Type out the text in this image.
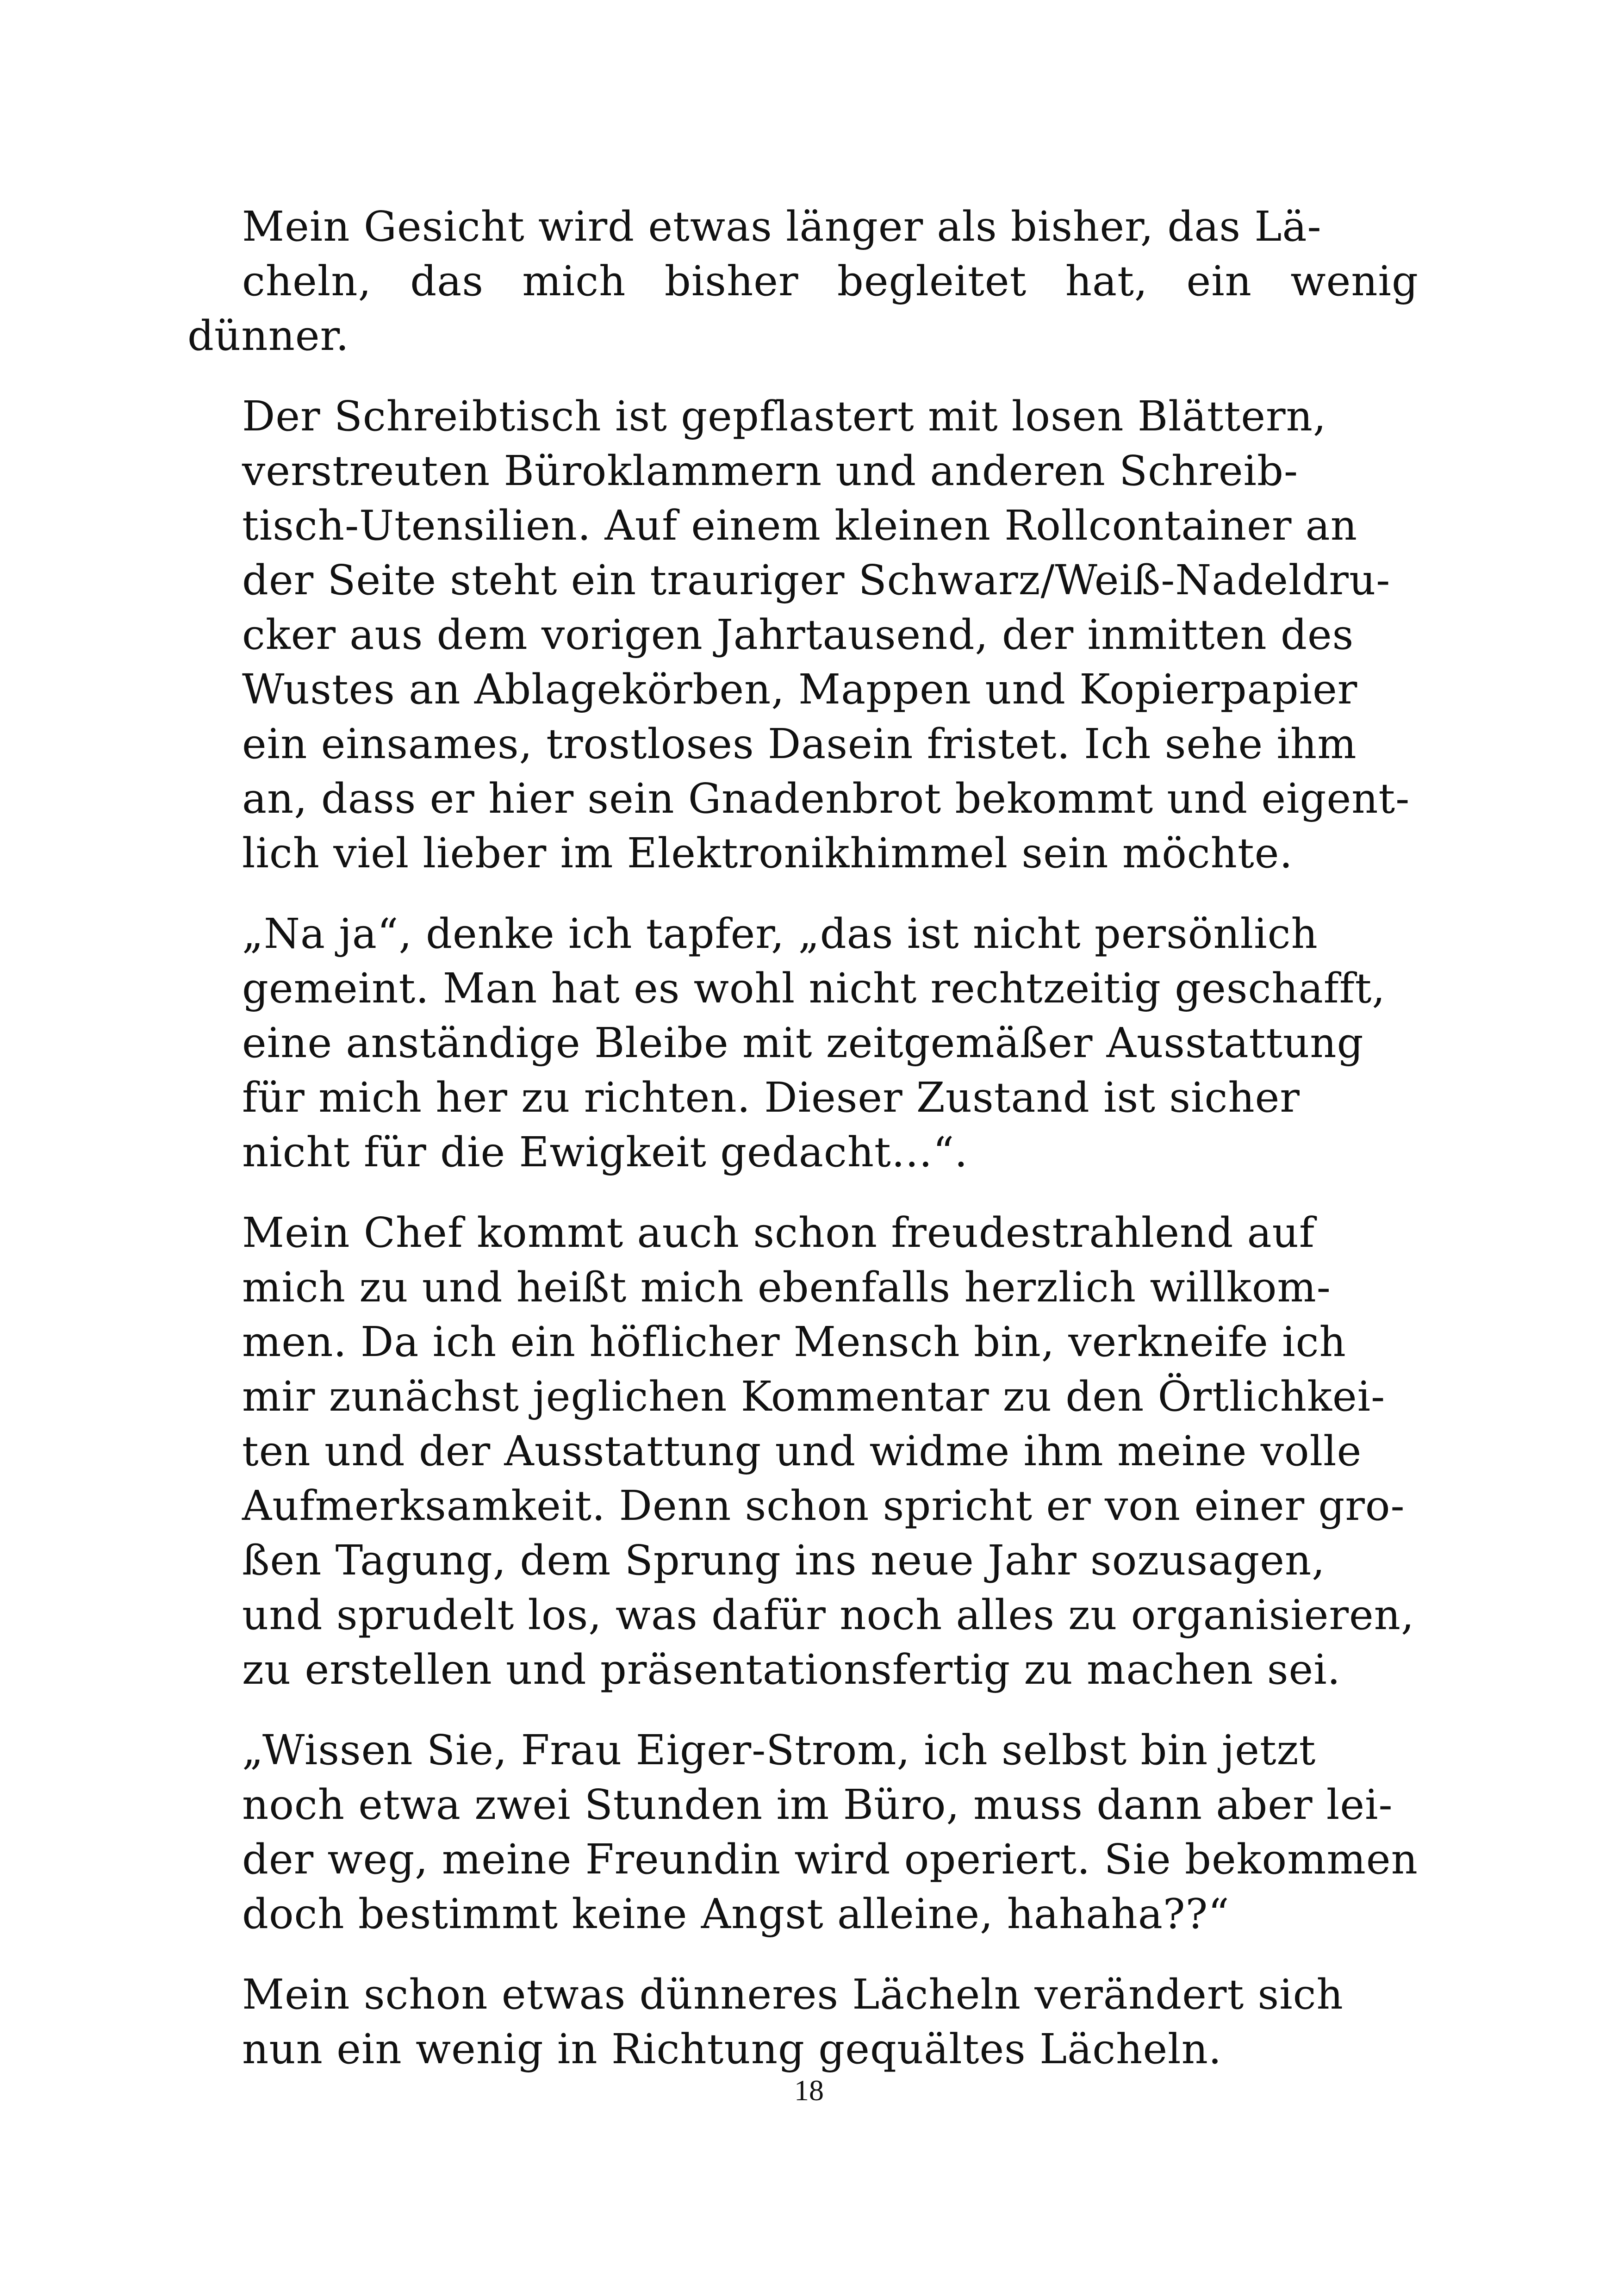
Mein Gesicht wird etwas länger als bisher, das Lä-
cheln, das mich bisher begleitet hat, ein wenig dünner.

Der Schreibtisch ist gepflastert mit losen Blättern,
verstreuten Büroklammern und anderen Schreib-
tisch-Utensilien. Auf einem kleinen Rollcontainer an
der Seite steht ein trauriger Schwarz/Weiß-Nadeldru-
cker aus dem vorigen Jahrtausend, der inmitten des
Wustes an Ablagekörben, Mappen und Kopierpapier
ein einsames, trostloses Dasein fristet. Ich sehe ihm
an, dass er hier sein Gnadenbrot bekommt und eigent-
lich viel lieber im Elektronikhimmel sein möchte.

„Na ja“, denke ich tapfer, „das ist nicht persönlich
gemeint. Man hat es wohl nicht rechtzeitig geschafft,
eine anständige Bleibe mit zeitgemäßer Ausstattung
für mich her zu richten. Dieser Zustand ist sicher
nicht für die Ewigkeit gedacht…“.

Mein Chef kommt auch schon freudestrahlend auf
mich zu und heißt mich ebenfalls herzlich willkom-
men. Da ich ein höflicher Mensch bin, verkneife ich
mir zunächst jeglichen Kommentar zu den Örtlichkei-
ten und der Ausstattung und widme ihm meine volle
Aufmerksamkeit. Denn schon spricht er von einer gro-
ßen Tagung, dem Sprung ins neue Jahr sozusagen,
und sprudelt los, was dafür noch alles zu organisieren,
zu erstellen und präsentationsfertig zu machen sei.

„Wissen Sie, Frau Eiger-Strom, ich selbst bin jetzt
noch etwa zwei Stunden im Büro, muss dann aber lei-
der weg, meine Freundin wird operiert. Sie bekommen
doch bestimmt keine Angst alleine, hahaha??“

Mein schon etwas dünneres Lächeln verändert sich
nun ein wenig in Richtung gequältes Lächeln.

18
